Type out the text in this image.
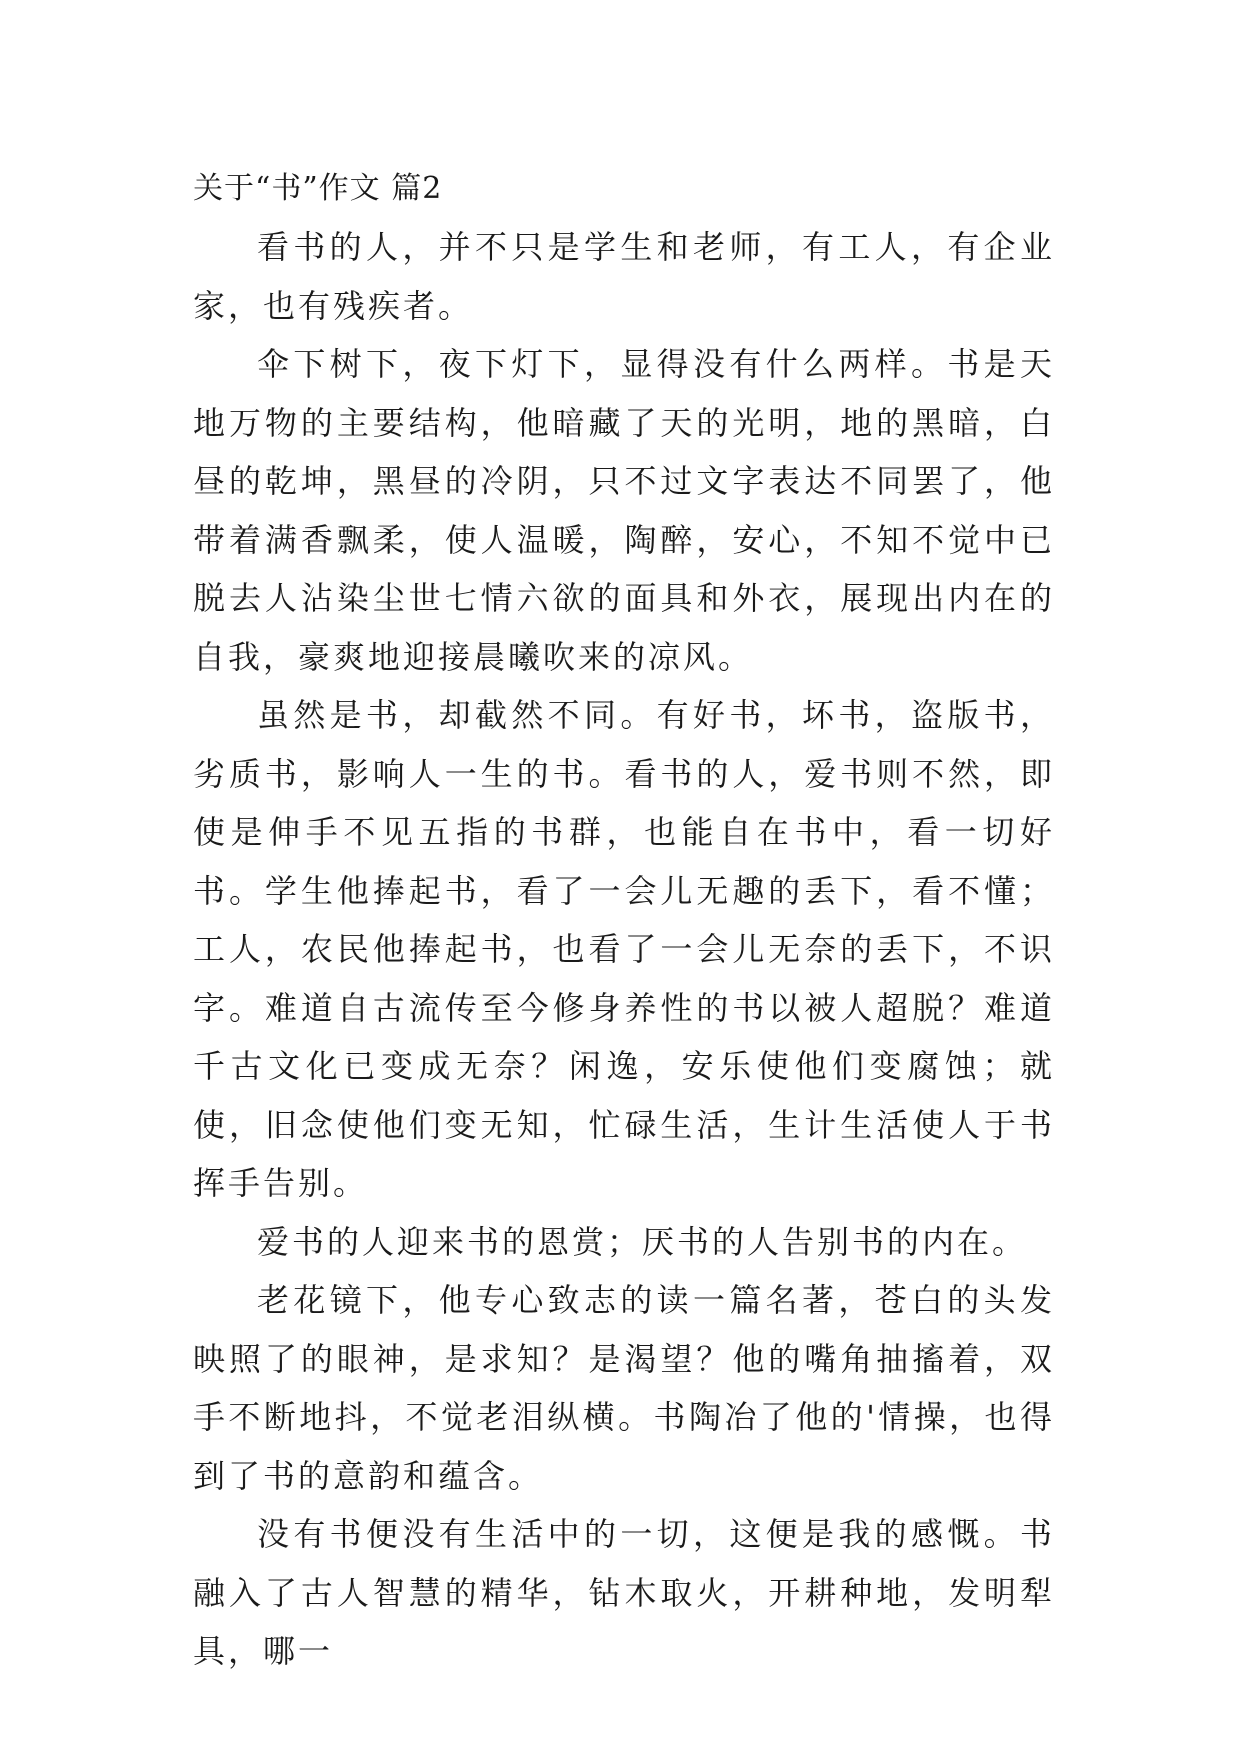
关于“书”作文 篇2

看书的人，并不只是学生和老师，有工人，有企业家，也有残疾者。

伞下树下，夜下灯下，显得没有什么两样。书是天地万物的主要结构，他暗藏了天的光明，地的黑暗，白昼的乾坤，黑昼的冷阴，只不过文字表达不同罢了，他带着满香飘柔，使人温暖，陶醉，安心，不知不觉中已脱去人沾染尘世七情六欲的面具和外衣，展现出内在的自我，豪爽地迎接晨曦吹来的凉风。

虽然是书，却截然不同。有好书，坏书，盗版书，劣质书，影响人一生的书。看书的人，爱书则不然，即使是伸手不见五指的书群，也能自在书中，看一切好书。学生他捧起书，看了一会儿无趣的丢下，看不懂；工人，农民他捧起书，也看了一会儿无奈的丢下，不识字。难道自古流传至今修身养性的书以被人超脱？难道千古文化已变成无奈？闲逸，安乐使他们变腐蚀；就使，旧念使他们变无知，忙碌生活，生计生活使人于书挥手告别。

爱书的人迎来书的恩赏；厌书的人告别书的内在。

老花镜下，他专心致志的读一篇名著，苍白的头发映照了的眼神，是求知？是渴望？他的嘴角抽搐着，双手不断地抖，不觉老泪纵横。书陶冶了他的'情操，也得到了书的意韵和蕴含。

没有书便没有生活中的一切，这便是我的感慨。书融入了古人智慧的精华，钻木取火，开耕种地，发明犁具，哪一
